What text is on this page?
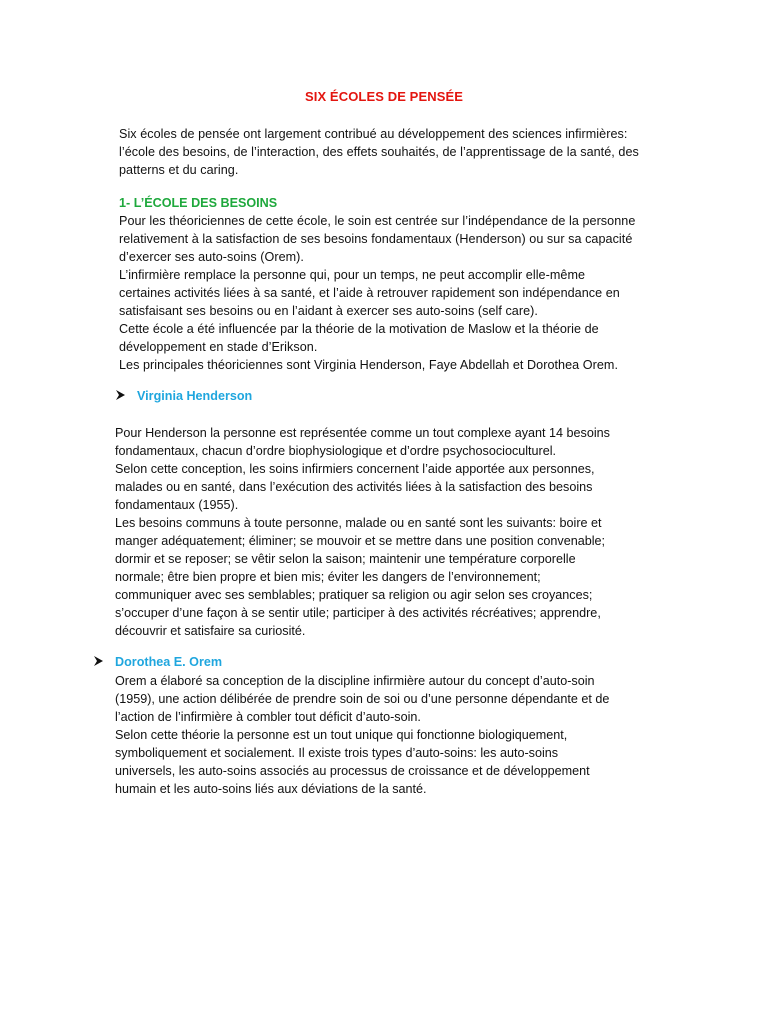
SIX ÉCOLES DE PENSÉE
Six écoles de pensée ont largement contribué au développement des sciences infirmières:
l’école des besoins, de l’interaction, des effets souhaités, de l’apprentissage de la santé, des
patterns et du caring.
1- L’ÉCOLE DES BESOINS
Pour les théoriciennes de cette école, le soin est centrée sur l’indépendance de la personne
relativement à la satisfaction de ses besoins fondamentaux (Henderson) ou sur sa capacité
d’exercer ses auto-soins (Orem).
L’infirmière remplace la personne qui, pour un temps, ne peut accomplir elle-même
certaines activités liées à sa santé, et l’aide à retrouver rapidement son indépendance en
satisfaisant ses besoins ou en l’aidant à exercer ses auto-soins (self care).
Cette école a été influencée par la théorie de la motivation de Maslow et la théorie de
développement en stade d’Erikson.
Les principales théoriciennes sont Virginia Henderson, Faye Abdellah et Dorothea Orem.
Virginia Henderson
Pour Henderson la personne est représentée comme un tout complexe ayant 14 besoins
fondamentaux, chacun d’ordre biophysiologique et d’ordre psychosocioculturel.
Selon cette conception, les soins infirmiers concernent l’aide apportée aux personnes,
malades ou en santé, dans l’exécution des activités liées à la satisfaction des besoins
fondamentaux (1955).
Les besoins communs à toute personne, malade ou en santé sont les suivants: boire et
manger adéquatement; éliminer; se mouvoir et se mettre dans une position convenable;
dormir et se reposer; se vêtir selon la saison; maintenir une température corporelle
normale; être bien propre et bien mis; éviter les dangers de l’environnement;
communiquer avec ses semblables; pratiquer sa religion ou agir selon ses croyances;
s’occuper d’une façon à se sentir utile; participer à des activités récréatives; apprendre,
découvrir et satisfaire sa curiosité.
Dorothea E. Orem
Orem a élaboré sa conception de la discipline infirmière autour du concept d’auto-soin
(1959), une action délibérée de prendre soin de soi ou d’une personne dépendante et de
l’action de l’infirmière à combler tout déficit d’auto-soin.
Selon cette théorie la personne est un tout unique qui fonctionne biologiquement,
symboliquement et socialement. Il existe trois types d’auto-soins: les auto-soins
universels, les auto-soins associés au processus de croissance et de développement
humain et les auto-soins liés aux déviations de la santé.
